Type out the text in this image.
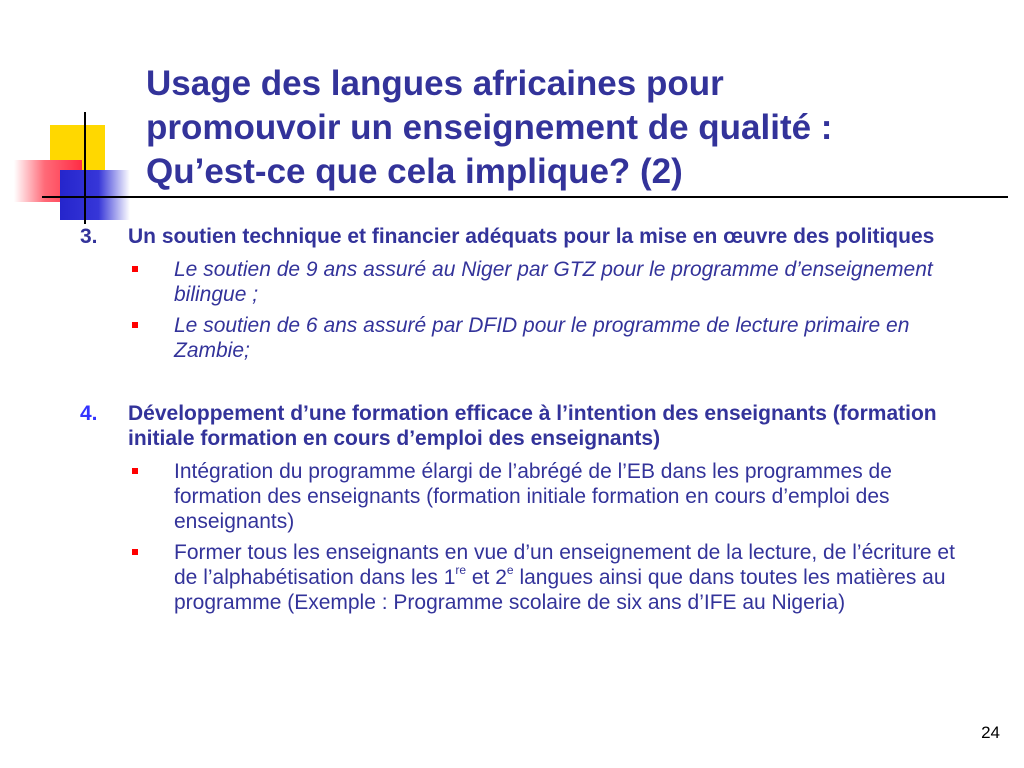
Usage des langues africaines pour
promouvoir un enseignement de qualité :
Qu’est-ce que cela implique? (2)
3. Un soutien technique et financier adéquats pour la mise en œuvre des politiques
Le soutien de 9 ans assuré au Niger par GTZ pour le programme d’enseignement bilingue ;
Le soutien de 6 ans assuré par DFID pour le programme de lecture primaire en Zambie;
4. Développement d’une formation efficace à l’intention des enseignants (formation initiale formation en cours d’emploi des enseignants)
Intégration du programme élargi de l’abrégé de l’EB dans les programmes de formation des enseignants (formation initiale formation en cours d’emploi des enseignants)
Former tous les enseignants en vue d’un enseignement de la lecture, de l’écriture et de l’alphabétisation dans les 1re et 2e langues ainsi que dans toutes les matières au programme (Exemple : Programme scolaire de six ans d’IFE au Nigeria)
24
